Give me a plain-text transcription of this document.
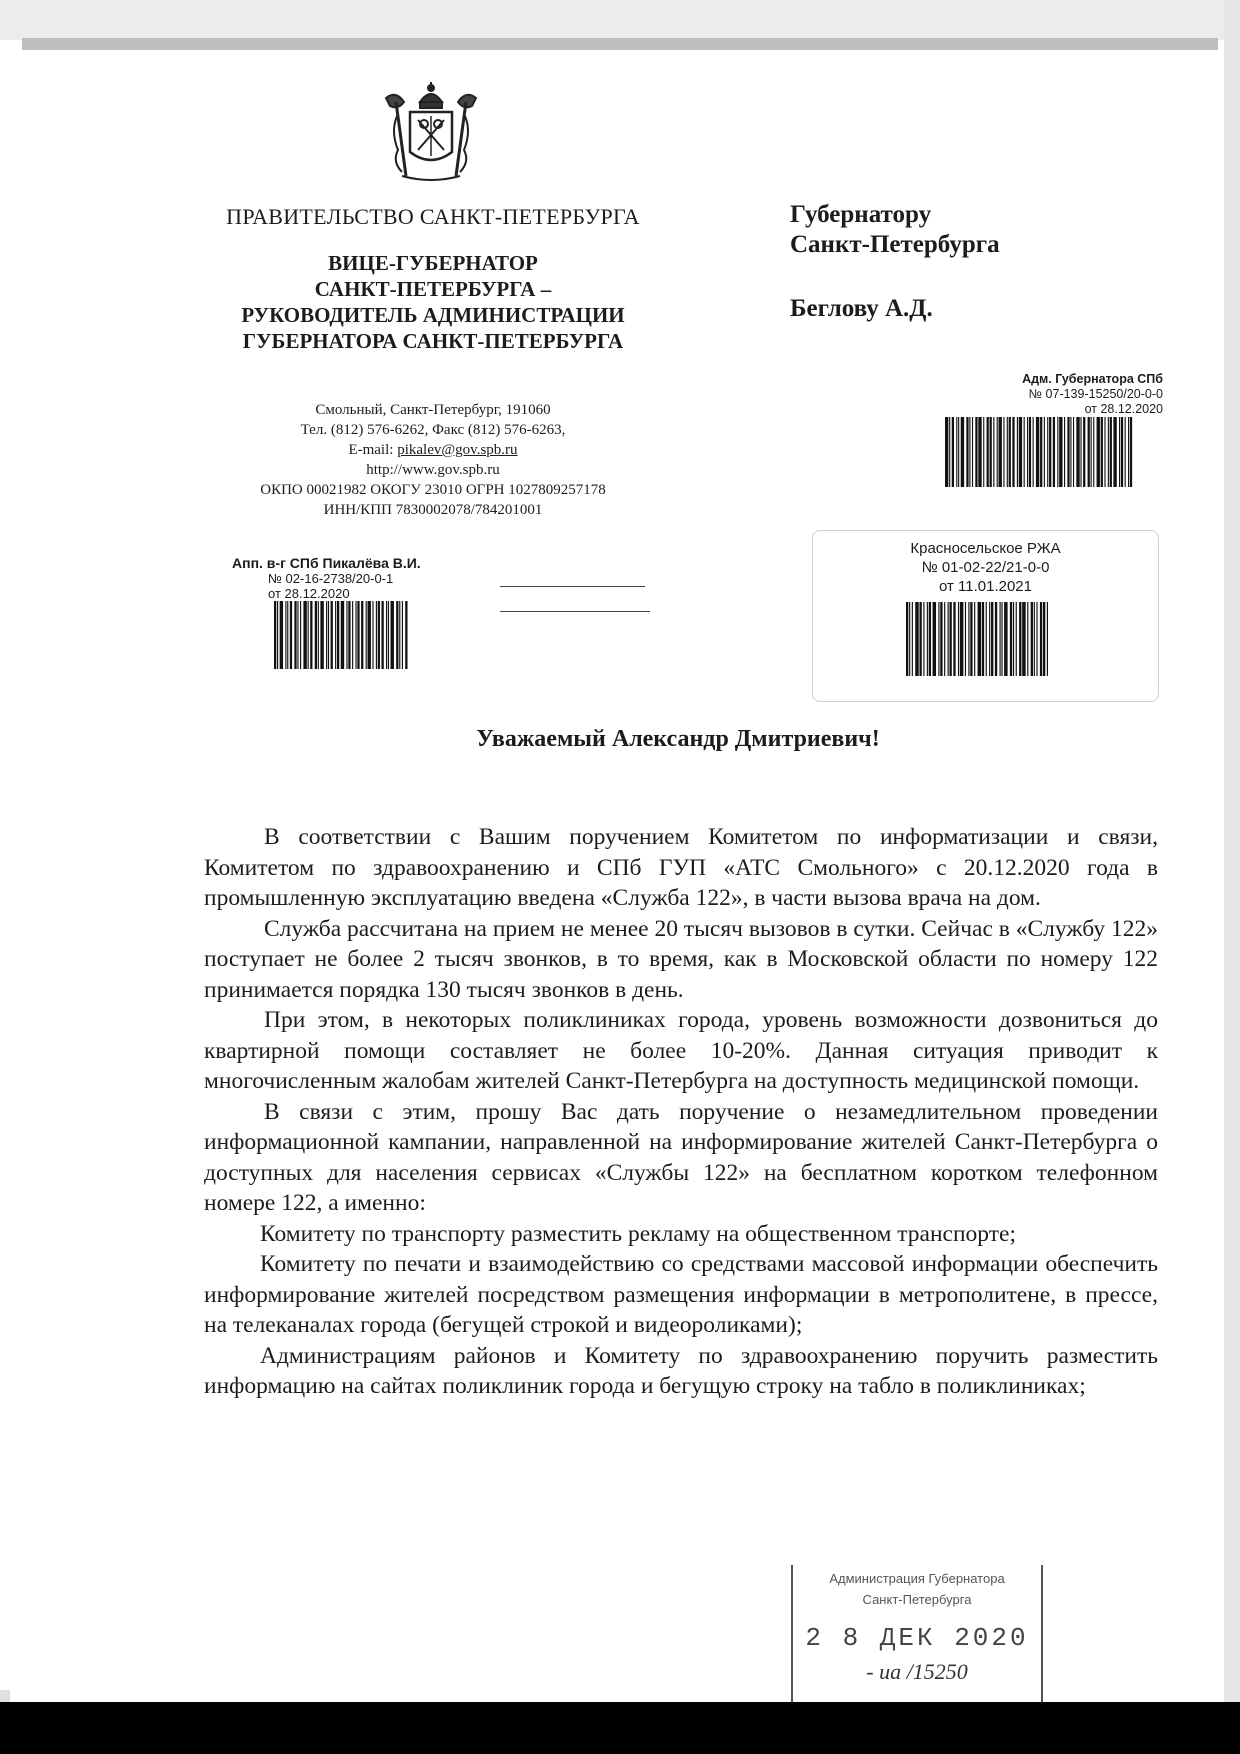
ПРАВИТЕЛЬСТВО САНКТ-ПЕТЕРБУРГА
ВИЦЕ-ГУБЕРНАТОР
САНКТ-ПЕТЕРБУРГА –
РУКОВОДИТЕЛЬ АДМИНИСТРАЦИИ
ГУБЕРНАТОРА САНКТ-ПЕТЕРБУРГА
Смольный, Санкт-Петербург, 191060
Тел. (812) 576-6262, Факс (812) 576-6263,
E-mail: pikalev@gov.spb.ru
http://www.gov.spb.ru
ОКПО 00021982 ОКОГУ 23010 ОГРН 1027809257178
ИНН/КПП 7830002078/784201001
Губернатору
Санкт-Петербурга
Беглову А.Д.
Адм. Губернатора СПб
№ 07-139-15250/20-0-0
от 28.12.2020
Апп. в-г СПб Пикалёва В.И.
№ 02-16-2738/20-0-1
от 28.12.2020
Красносельское РЖА
№ 01-02-22/21-0-0
от 11.01.2021
Уважаемый Александр Дмитриевич!

В соответствии с Вашим поручением Комитетом по информатизации и связи, Комитетом по здравоохранению и СПб ГУП «АТС Смольного» с 20.12.2020 года в промышленную эксплуатацию введена «Служба 122», в части вызова врача на дом.

Служба рассчитана на прием не менее 20 тысяч вызовов в сутки. Сейчас в «Службу 122» поступает не более 2 тысяч звонков, в то время, как в Московской области по номеру 122 принимается порядка 130 тысяч звонков в день.

При этом, в некоторых поликлиниках города, уровень возможности дозвониться до квартирной помощи составляет не более 10-20%. Данная ситуация приводит к многочисленным жалобам жителей Санкт-Петербурга на доступность медицинской помощи.

В связи с этим, прошу Вас дать поручение о незамедлительном проведении информационной кампании, направленной на информирование жителей Санкт-Петербурга о доступных для населения сервисах «Службы 122» на бесплатном коротком телефонном номере 122, а именно:

Комитету по транспорту разместить рекламу на общественном транспорте;

Комитету по печати и взаимодействию со средствами массовой информации обеспечить информирование жителей посредством размещения информации в метрополитене, в прессе, на телеканалах города (бегущей строкой и видеороликами);

Администрациям районов и Комитету по здравоохранению поручить разместить информацию на сайтах поликлиник города и бегущую строку на табло в поликлиниках;

Администрация Губернатора
Санкт-Петербурга
2 8 ДЕК 2020
- ua /15250
